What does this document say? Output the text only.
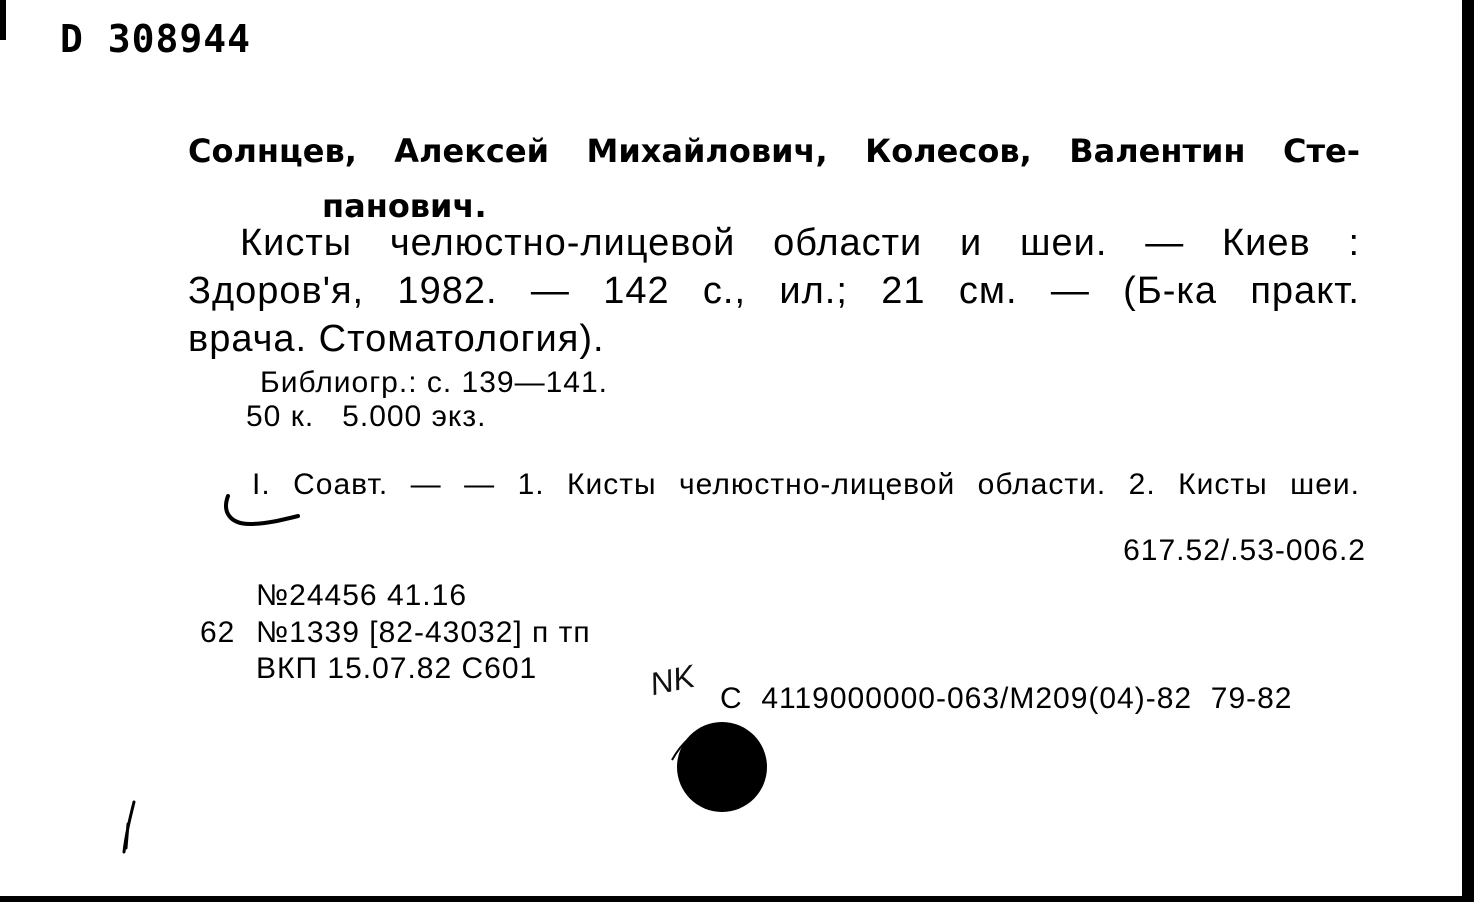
D 308944
Солнцев, Алексей Михайлович, Колесов, Валентин Сте-
панович.
Кисты челюстно-лицевой области и шеи. — Киев :
Здоров'я, 1982. — 142 с., ил.; 21 см. — (Б-ка практ.
врача. Стоматология).
Библиогр.: с. 139—141.
50 к.   5.000 экз.
I. Соавт. — — 1. Кисты челюстно-лицевой области. 2. Кисты шеи.
617.52/.53-006.2
№24456 41.16
62 №1339 [82-43032] п тп
ВКП 15.07.82 С601	NK С  4119000000-063/М209(04)-82  79-82
